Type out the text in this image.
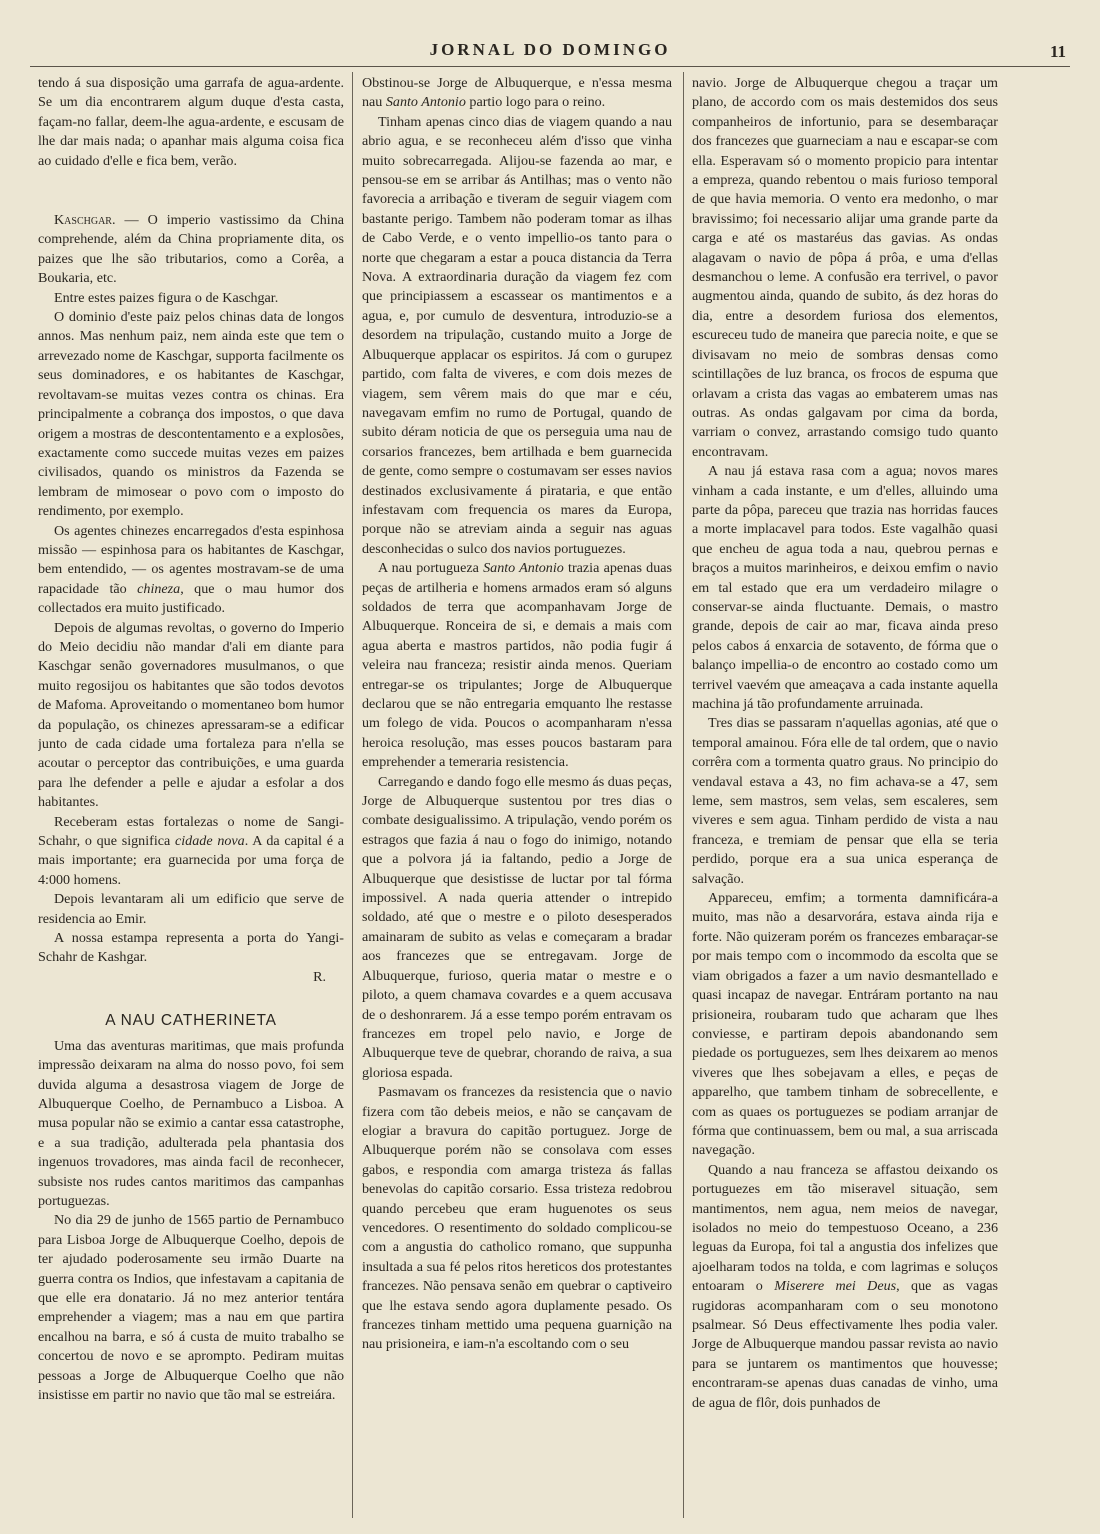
JORNAL DO DOMINGO	11

tendo á sua disposição uma garrafa de agua-ardente. Se um dia encontrarem algum duque d'esta casta, façam-no fallar, deem-lhe agua-ardente, e escusam de lhe dar mais nada; o apanhar mais alguma coisa fica ao cuidado d'elle e fica bem, verão.

Kaschgar. — O imperio vastissimo da China comprehende, além da China propriamente dita, os paizes que lhe são tributarios, como a Corêa, a Boukaria, etc.

Entre estes paizes figura o de Kaschgar.

O dominio d'este paiz pelos chinas data de longos annos. Mas nenhum paiz, nem ainda este que tem o arrevezado nome de Kaschgar, supporta facilmente os seus dominadores, e os habitantes de Kaschgar, revoltavam-se muitas vezes contra os chinas. Era principalmente a cobrança dos impostos, o que dava origem a mostras de descontentamento e a explosões, exactamente como succede muitas vezes em paizes civilisados, quando os ministros da Fazenda se lembram de mimosear o povo com o imposto do rendimento, por exemplo.

Os agentes chinezes encarregados d'esta espinhosa missão — espinhosa para os habitantes de Kaschgar, bem entendido, — os agentes mostravam-se de uma rapacidade tão chineza, que o mau humor dos collectados era muito justificado.

Depois de algumas revoltas, o governo do Imperio do Meio decidiu não mandar d'ali em diante para Kaschgar senão governadores musulmanos, o que muito regosijou os habitantes que são todos devotos de Mafoma. Aproveitando o momentaneo bom humor da população, os chinezes apressaram-se a edificar junto de cada cidade uma fortaleza para n'ella se acoutar o perceptor das contribuições, e uma guarda para lhe defender a pelle e ajudar a esfolar a dos habitantes.

Receberam estas fortalezas o nome de Sangi-Schahr, o que significa cidade nova. A da capital é a mais importante; era guarnecida por uma força de 4:000 homens.

Depois levantaram ali um edificio que serve de residencia ao Emir.

A nossa estampa representa a porta do Yangi-Schahr de Kashgar.

R.

A NAU CATHERINETA

Uma das aventuras maritimas, que mais profunda impressão deixaram na alma do nosso povo, foi sem duvida alguma a desastrosa viagem de Jorge de Albuquerque Coelho, de Pernambuco a Lisboa. A musa popular não se eximio a cantar essa catastrophe, e a sua tradição, adulterada pela phantasia dos ingenuos trovadores, mas ainda facil de reconhecer, subsiste nos rudes cantos maritimos das campanhas portuguezas.

No dia 29 de junho de 1565 partio de Pernambuco para Lisboa Jorge de Albuquerque Coelho, depois de ter ajudado poderosamente seu irmão Duarte na guerra contra os Indios, que infestavam a capitania de que elle era donatario. Já no mez anterior tentára emprehender a viagem; mas a nau em que partira encalhou na barra, e só á custa de muito trabalho se concertou de novo e se aprompto. Pediram muitas pessoas a Jorge de Albuquerque Coelho que não insistisse em partir no navio que tão mal se estreiára.

Obstinou-se Jorge de Albuquerque, e n'essa mesma nau Santo Antonio partio logo para o reino.

Tinham apenas cinco dias de viagem quando a nau abrio agua, e se reconheceu além d'isso que vinha muito sobrecarregada. Alijou-se fazenda ao mar, e pensou-se em se arribar ás Antilhas; mas o vento não favorecia a arribação e tiveram de seguir viagem com bastante perigo. Tambem não poderam tomar as ilhas de Cabo Verde, e o vento impellio-os tanto para o norte que chegaram a estar a pouca distancia da Terra Nova. A extraordinaria duração da viagem fez com que principiassem a escassear os mantimentos e a agua, e, por cumulo de desventura, introduzio-se a desordem na tripulação, custando muito a Jorge de Albuquerque applacar os espiritos. Já com o gurupez partido, com falta de viveres, e com dois mezes de viagem, sem vêrem mais do que mar e céu, navegavam emfim no rumo de Portugal, quando de subito déram noticia de que os perseguia uma nau de corsarios francezes, bem artilhada e bem guarnecida de gente, como sempre o costumavam ser esses navios destinados exclusivamente á pirataria, e que então infestavam com frequencia os mares da Europa, porque não se atreviam ainda a seguir nas aguas desconhecidas o sulco dos navios portuguezes.

A nau portugueza Santo Antonio trazia apenas duas peças de artilheria e homens armados eram só alguns soldados de terra que acompanhavam Jorge de Albuquerque. Ronceira de si, e demais a mais com agua aberta e mastros partidos, não podia fugir á veleira nau franceza; resistir ainda menos. Queriam entregar-se os tripulantes; Jorge de Albuquerque declarou que se não entregaria emquanto lhe restasse um folego de vida. Poucos o acompanharam n'essa heroica resolução, mas esses poucos bastaram para emprehender a temeraria resistencia.

Carregando e dando fogo elle mesmo ás duas peças, Jorge de Albuquerque sustentou por tres dias o combate desigualissimo. A tripulação, vendo porém os estragos que fazia á nau o fogo do inimigo, notando que a polvora já ia faltando, pedio a Jorge de Albuquerque que desistisse de luctar por tal fórma impossivel. A nada queria attender o intrepido soldado, até que o mestre e o piloto desesperados amainaram de subito as velas e começaram a bradar aos francezes que se entregavam. Jorge de Albuquerque, furioso, queria matar o mestre e o piloto, a quem chamava covardes e a quem accusava de o deshonrarem. Já a esse tempo porém entravam os francezes em tropel pelo navio, e Jorge de Albuquerque teve de quebrar, chorando de raiva, a sua gloriosa espada.

Pasmavam os francezes da resistencia que o navio fizera com tão debeis meios, e não se cançavam de elogiar a bravura do capitão portuguez. Jorge de Albuquerque porém não se consolava com esses gabos, e respondia com amarga tristeza ás fallas benevolas do capitão corsario. Essa tristeza redobrou quando percebeu que eram huguenotes os seus vencedores. O resentimento do soldado complicou-se com a angustia do catholico romano, que suppunha insultada a sua fé pelos ritos hereticos dos protestantes francezes. Não pensava senão em quebrar o captiveiro que lhe estava sendo agora duplamente pesado. Os francezes tinham mettido uma pequena guarnição na nau prisioneira, e iam-n'a escoltando com o seu

navio. Jorge de Albuquerque chegou a traçar um plano, de accordo com os mais destemidos dos seus companheiros de infortunio, para se desembaraçar dos francezes que guarneciam a nau e escapar-se com ella. Esperavam só o momento propicio para intentar a empreza, quando rebentou o mais furioso temporal de que havia memoria. O vento era medonho, o mar bravissimo; foi necessario alijar uma grande parte da carga e até os mastaréus das gavias. As ondas alagavam o navio de pôpa á prôa, e uma d'ellas desmanchou o leme. A confusão era terrivel, o pavor augmentou ainda, quando de subito, ás dez horas do dia, entre a desordem furiosa dos elementos, escureceu tudo de maneira que parecia noite, e que se divisavam no meio de sombras densas como scintillações de luz branca, os frocos de espuma que orlavam a crista das vagas ao embaterem umas nas outras. As ondas galgavam por cima da borda, varriam o convez, arrastando comsigo tudo quanto encontravam.

A nau já estava rasa com a agua; novos mares vinham a cada instante, e um d'elles, alluindo uma parte da pôpa, pareceu que trazia nas horridas fauces a morte implacavel para todos. Este vagalhão quasi que encheu de agua toda a nau, quebrou pernas e braços a muitos marinheiros, e deixou emfim o navio em tal estado que era um verdadeiro milagre o conservar-se ainda fluctuante. Demais, o mastro grande, depois de cair ao mar, ficava ainda preso pelos cabos á enxarcia de sotavento, de fórma que o balanço impellia-o de encontro ao costado como um terrivel vaevém que ameaçava a cada instante aquella machina já tão profundamente arruinada.

Tres dias se passaram n'aquellas agonias, até que o temporal amainou. Fóra elle de tal ordem, que o navio corrêra com a tormenta quatro graus. No principio do vendaval estava a 43, no fim achava-se a 47, sem leme, sem mastros, sem velas, sem escaleres, sem viveres e sem agua. Tinham perdido de vista a nau franceza, e tremiam de pensar que ella se teria perdido, porque era a sua unica esperança de salvação.

Appareceu, emfim; a tormenta damnificára-a muito, mas não a desarvorára, estava ainda rija e forte. Não quizeram porém os francezes embaraçar-se por mais tempo com o incommodo da escolta que se viam obrigados a fazer a um navio desmantellado e quasi incapaz de navegar. Entráram portanto na nau prisioneira, roubaram tudo que acharam que lhes conviesse, e partiram depois abandonando sem piedade os portuguezes, sem lhes deixarem ao menos viveres que lhes sobejavam a elles, e peças de apparelho, que tambem tinham de sobrecellente, e com as quaes os portuguezes se podiam arranjar de fórma que continuassem, bem ou mal, a sua arriscada navegação.

Quando a nau franceza se affastou deixando os portuguezes em tão miseravel situação, sem mantimentos, nem agua, nem meios de navegar, isolados no meio do tempestuoso Oceano, a 236 leguas da Europa, foi tal a angustia dos infelizes que ajoelharam todos na tolda, e com lagrimas e soluços entoaram o Miserere mei Deus, que as vagas rugidoras acompanharam com o seu monotono psalmear. Só Deus effectivamente lhes podia valer. Jorge de Albuquerque mandou passar revista ao navio para se juntarem os mantimentos que houvesse; encontraram-se apenas duas canadas de vinho, uma de agua de flôr, dois punhados de
